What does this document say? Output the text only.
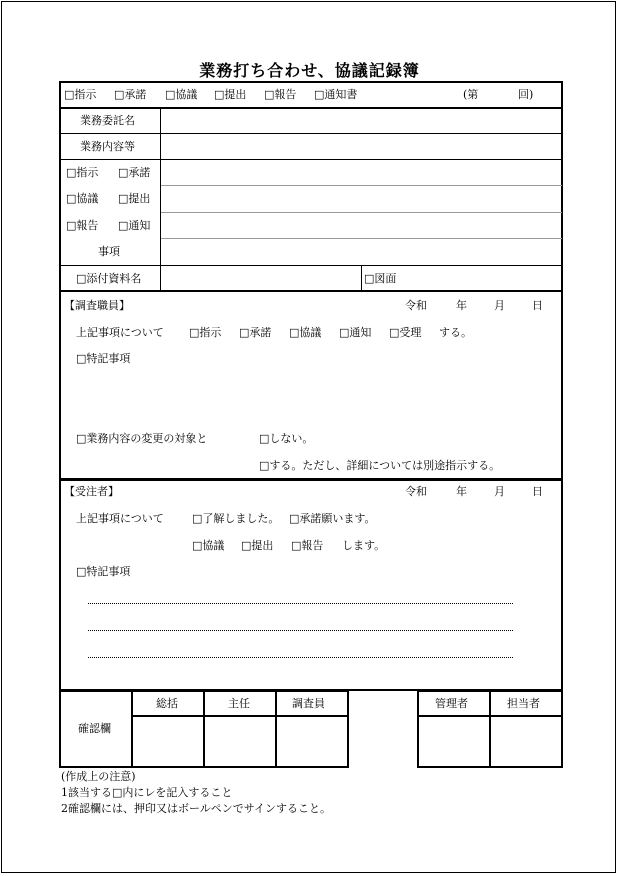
業務打ち合わせ、協議記録簿
□指示 □承諾 □協議 □提出 □報告 □通知書	(第	回)
業務委託名
業務内容等
□指示 □承諾
□協議 □提出
□報告 □通知
事項
□添付資料名	□図面
【調査職員】	令和	年 月 日
上記事項について □指示 □承諾 □協議 □通知 □受理 する。
□特記事項
□業務内容の変更の対象と	□しない。
□する。ただし、詳細については別途指示する。
【受注者】	令和	年 月 日
上記事項について	□了解しました。 □承諾願います。
□協議 □提出 □報告 します。
□特記事項
確認欄
総括	主任	調査員	管理者	担当者
(作成上の注意)
1該当する□内にレを記入すること
2確認欄には、押印又はボールペンでサインすること。
